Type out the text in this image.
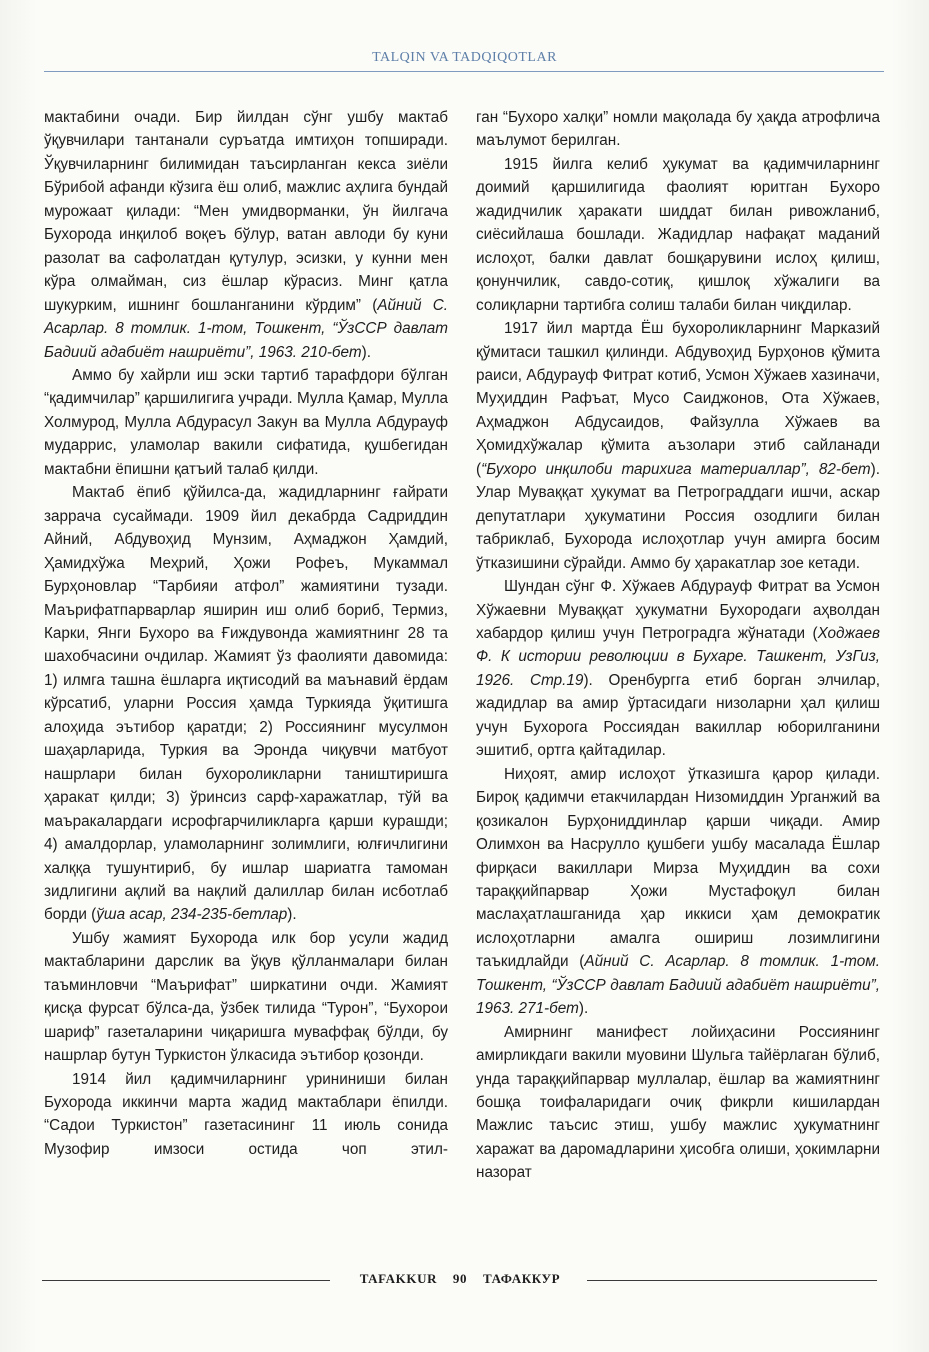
TALQIN VA TADQIQOTLAR

мактабини очади. Бир йилдан сўнг ушбу мактаб ўқувчилари тантанали суръатда имтиҳон топширади. Ўқувчиларнинг билимидан таъсирланган кекса зиёли Бўрибой афанди кўзига ёш олиб, мажлис аҳлига бундай мурожаат қилади: “Мен умидворманки, ўн йилгача Бухорода инқилоб воқеъ бўлур, ватан авлоди бу куни разолат ва сафолатдан қутулур, эсизки, у кунни мен кўра олмайман, сиз ёшлар кўрасиз. Минг қатла шукурким, ишнинг бошланганини кўрдим” (Айний С. Асарлар. 8 томлик. 1-том, Тошкент, “ЎзССР давлат Бадиий адабиёт нашриёти”, 1963. 210-бет).

Аммо бу хайрли иш эски тартиб тарафдори бўлган “қадимчилар” қаршилигига учради. Мулла Қамар, Мулла Холмурод, Мулла Абдурасул Закун ва Мулла Абдурауф мударрис, уламолар вакили сифатида, қушбегидан мактабни ёпишни қатъий талаб қилди.

Мактаб ёпиб қўйилса-да, жадидларнинг ғайрати заррача сусаймади. 1909 йил декабрда Садриддин Айний, Абдувоҳид Мунзим, Аҳмаджон Ҳамдий, Ҳамидхўжа Меҳрий, Ҳожи Рофеъ, Мукаммал Бурҳоновлар “Тарбияи атфол” жамиятини тузади. Маърифатпарварлар яширин иш олиб бориб, Термиз, Карки, Янги Бухоро ва Ғиждувонда жамиятнинг 28 та шахобчасини очдилар. Жамият ўз фаолияти давомида: 1) илмга ташна ёшларга иқтисодий ва маънавий ёрдам кўрсатиб, уларни Россия ҳамда Туркияда ўқитишга алоҳида эътибор қаратди; 2) Россиянинг мусулмон шаҳарларида, Туркия ва Эронда чиқувчи матбуот нашрлари билан бухороликларни таништиришга ҳаракат қилди; 3) ўринсиз сарф-харажатлар, тўй ва маъракалардаги исрофгарчиликларга қарши курашди; 4) амалдорлар, уламоларнинг золимлиги, юлғичлигини халққа тушунтириб, бу ишлар шариатга тамоман зидлигини ақлий ва нақлий далиллар билан исботлаб борди (ўша асар, 234-235-бетлар).

Ушбу жамият Бухорода илк бор усули жадид мактабларини дарслик ва ўқув қўлланмалари билан таъминловчи “Маърифат” ширкатини очди. Жамият қисқа фурсат бўлса-да, ўзбек тилида “Турон”, “Бухорои шариф” газеталарини чиқаришга муваффақ бўлди, бу нашрлар бутун Туркистон ўлкасида эътибор қозонди.

1914 йил қадимчиларнинг урининиши билан Бухорода иккинчи марта жадид мактаблари ёпилди. “Садои Туркистон” газетасининг 11 июль сонида Музофир имзоси остида чоп этил-

ган “Бухоро халқи” номли мақолада бу ҳақда атрофлича маълумот берилган.

1915 йилга келиб ҳукумат ва қадимчиларнинг доимий қаршилигида фаолият юритган Бухоро жадидчилик ҳаракати шиддат билан ривожланиб, сиёсийлаша бошлади. Жадидлар нафақат маданий ислоҳот, балки давлат бошқарувини ислоҳ қилиш, қонунчилик, савдо-сотиқ, қишлоқ хўжалиги ва солиқларни тартибга солиш талаби билан чиқдилар.

1917 йил мартда Ёш бухороликларнинг Марказий қўмитаси ташкил қилинди. Абдувоҳид Бурҳонов қўмита раиси, Абдурауф Фитрат котиб, Усмон Хўжаев хазиначи, Муҳиддин Рафъат, Мусо Саиджонов, Ота Хўжаев, Аҳмаджон Абдусаидов, Файзулла Хўжаев ва Ҳомидхўжалар қўмита аъзолари этиб сайланади (“Бухоро инқилоби тарихига материаллар”, 82-бет). Улар Муваққат ҳукумат ва Петрограддаги ишчи, аскар депутатлари ҳукуматини Россия озодлиги билан табриклаб, Бухорода ислоҳотлар учун амирга босим ўтказишини сўрайди. Аммо бу ҳаракатлар зое кетади.

Шундан сўнг Ф. Хўжаев Абдурауф Фитрат ва Усмон Хўжаевни Муваққат ҳукуматни Бухородаги аҳволдан хабардор қилиш учун Петроградга жўнатади (Ходжаев Ф. К истории революции в Бухаре. Ташкент, УзГиз, 1926. Стр.19). Оренбургга етиб борган элчилар, жадидлар ва амир ўртасидаги низоларни ҳал қилиш учун Бухорога Россиядан вакиллар юборилганини эшитиб, ортга қайтадилар.

Ниҳоят, амир ислоҳот ўтказишга қарор қилади. Бироқ қадимчи етакчилардан Низомиддин Урганжий ва қозикалон Бурҳониддинлар қарши чиқади. Амир Олимхон ва Насрулло қушбеги ушбу масалада Ёшлар фирқаси вакиллари Мирза Муҳиддин ва сохи тараққийпарвар Ҳожи Мустафоқул билан маслаҳатлашганида ҳар иккиси ҳам демократик ислоҳотларни амалга ошириш лозимлигини таъкидлайди (Айний С. Асарлар. 8 томлик. 1-том. Тошкент, “ЎзССР давлат Бадиий адабиёт нашриёти”, 1963. 271-бет).

Амирнинг манифест лойиҳасини Россиянинг амирликдаги вакили муовини Шульга тайёрлаган бўлиб, унда тараққийпарвар муллалар, ёшлар ва жамиятнинг бошқа тоифаларидаги очиқ фикрли кишилардан Мажлис таъсис этиш, ушбу мажлис ҳукуматнинг харажат ва даромадларини ҳисобга олиши, ҳокимларни назорат

TAFAKKUR 90 ТАФАККУР
